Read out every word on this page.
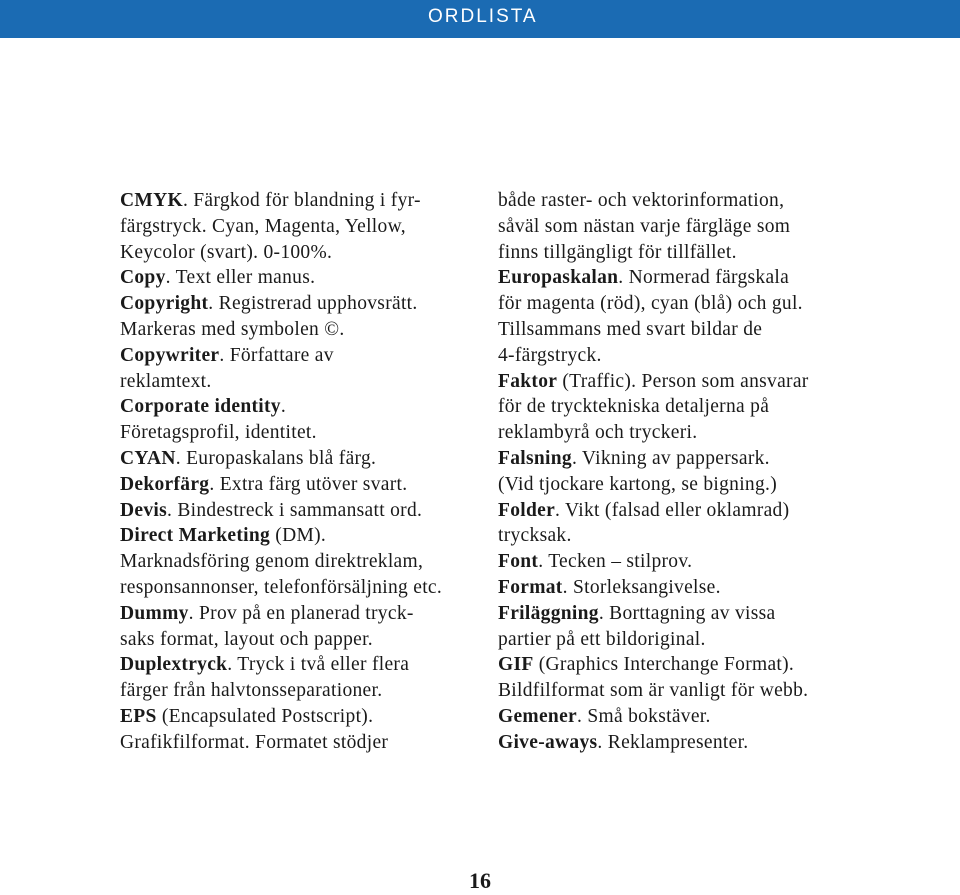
ORDLISTA
CMYK. Färgkod för blandning i fyr-
färgstryck. Cyan, Magenta, Yellow,
Keycolor (svart). 0-100%.
Copy. Text eller manus.
Copyright. Registrerad upphovsrätt.
Markeras med symbolen ©.
Copywriter. Författare av
reklamtext.
Corporate identity.
Företagsprofil, identitet.
CYAN. Europaskalans blå färg.
Dekorfärg. Extra färg utöver svart.
Devis. Bindestreck i sammansatt ord.
Direct Marketing (DM).
Marknadsföring genom direktreklam,
responsannonser, telefonförsäljning etc.
Dummy. Prov på en planerad tryck-
saks format, layout och papper.
Duplextryck. Tryck i två eller flera
färger från halvtonsseparationer.
EPS (Encapsulated Postscript).
Grafikfilformat. Formatet stödjer
både raster- och vektorinformation,
såväl som nästan varje färgläge som
finns tillgängligt för tillfället.
Europaskalan. Normerad färgskala
för magenta (röd), cyan (blå) och gul.
Tillsammans med svart bildar de
4-färgstryck.
Faktor (Traffic). Person som ansvarar
för de trycktekniska detaljerna på
reklambyrå och tryckeri.
Falsning. Vikning av pappersark.
(Vid tjockare kartong, se bigning.)
Folder. Vikt (falsad eller oklamrad)
trycksak.
Font. Tecken – stilprov.
Format. Storleksangivelse.
Friläggning. Borttagning av vissa
partier på ett bildoriginal.
GIF (Graphics Interchange Format).
Bildfilformat som är vanligt för webb.
Gemener. Små bokstäver.
Give-aways. Reklampresenter.
16
